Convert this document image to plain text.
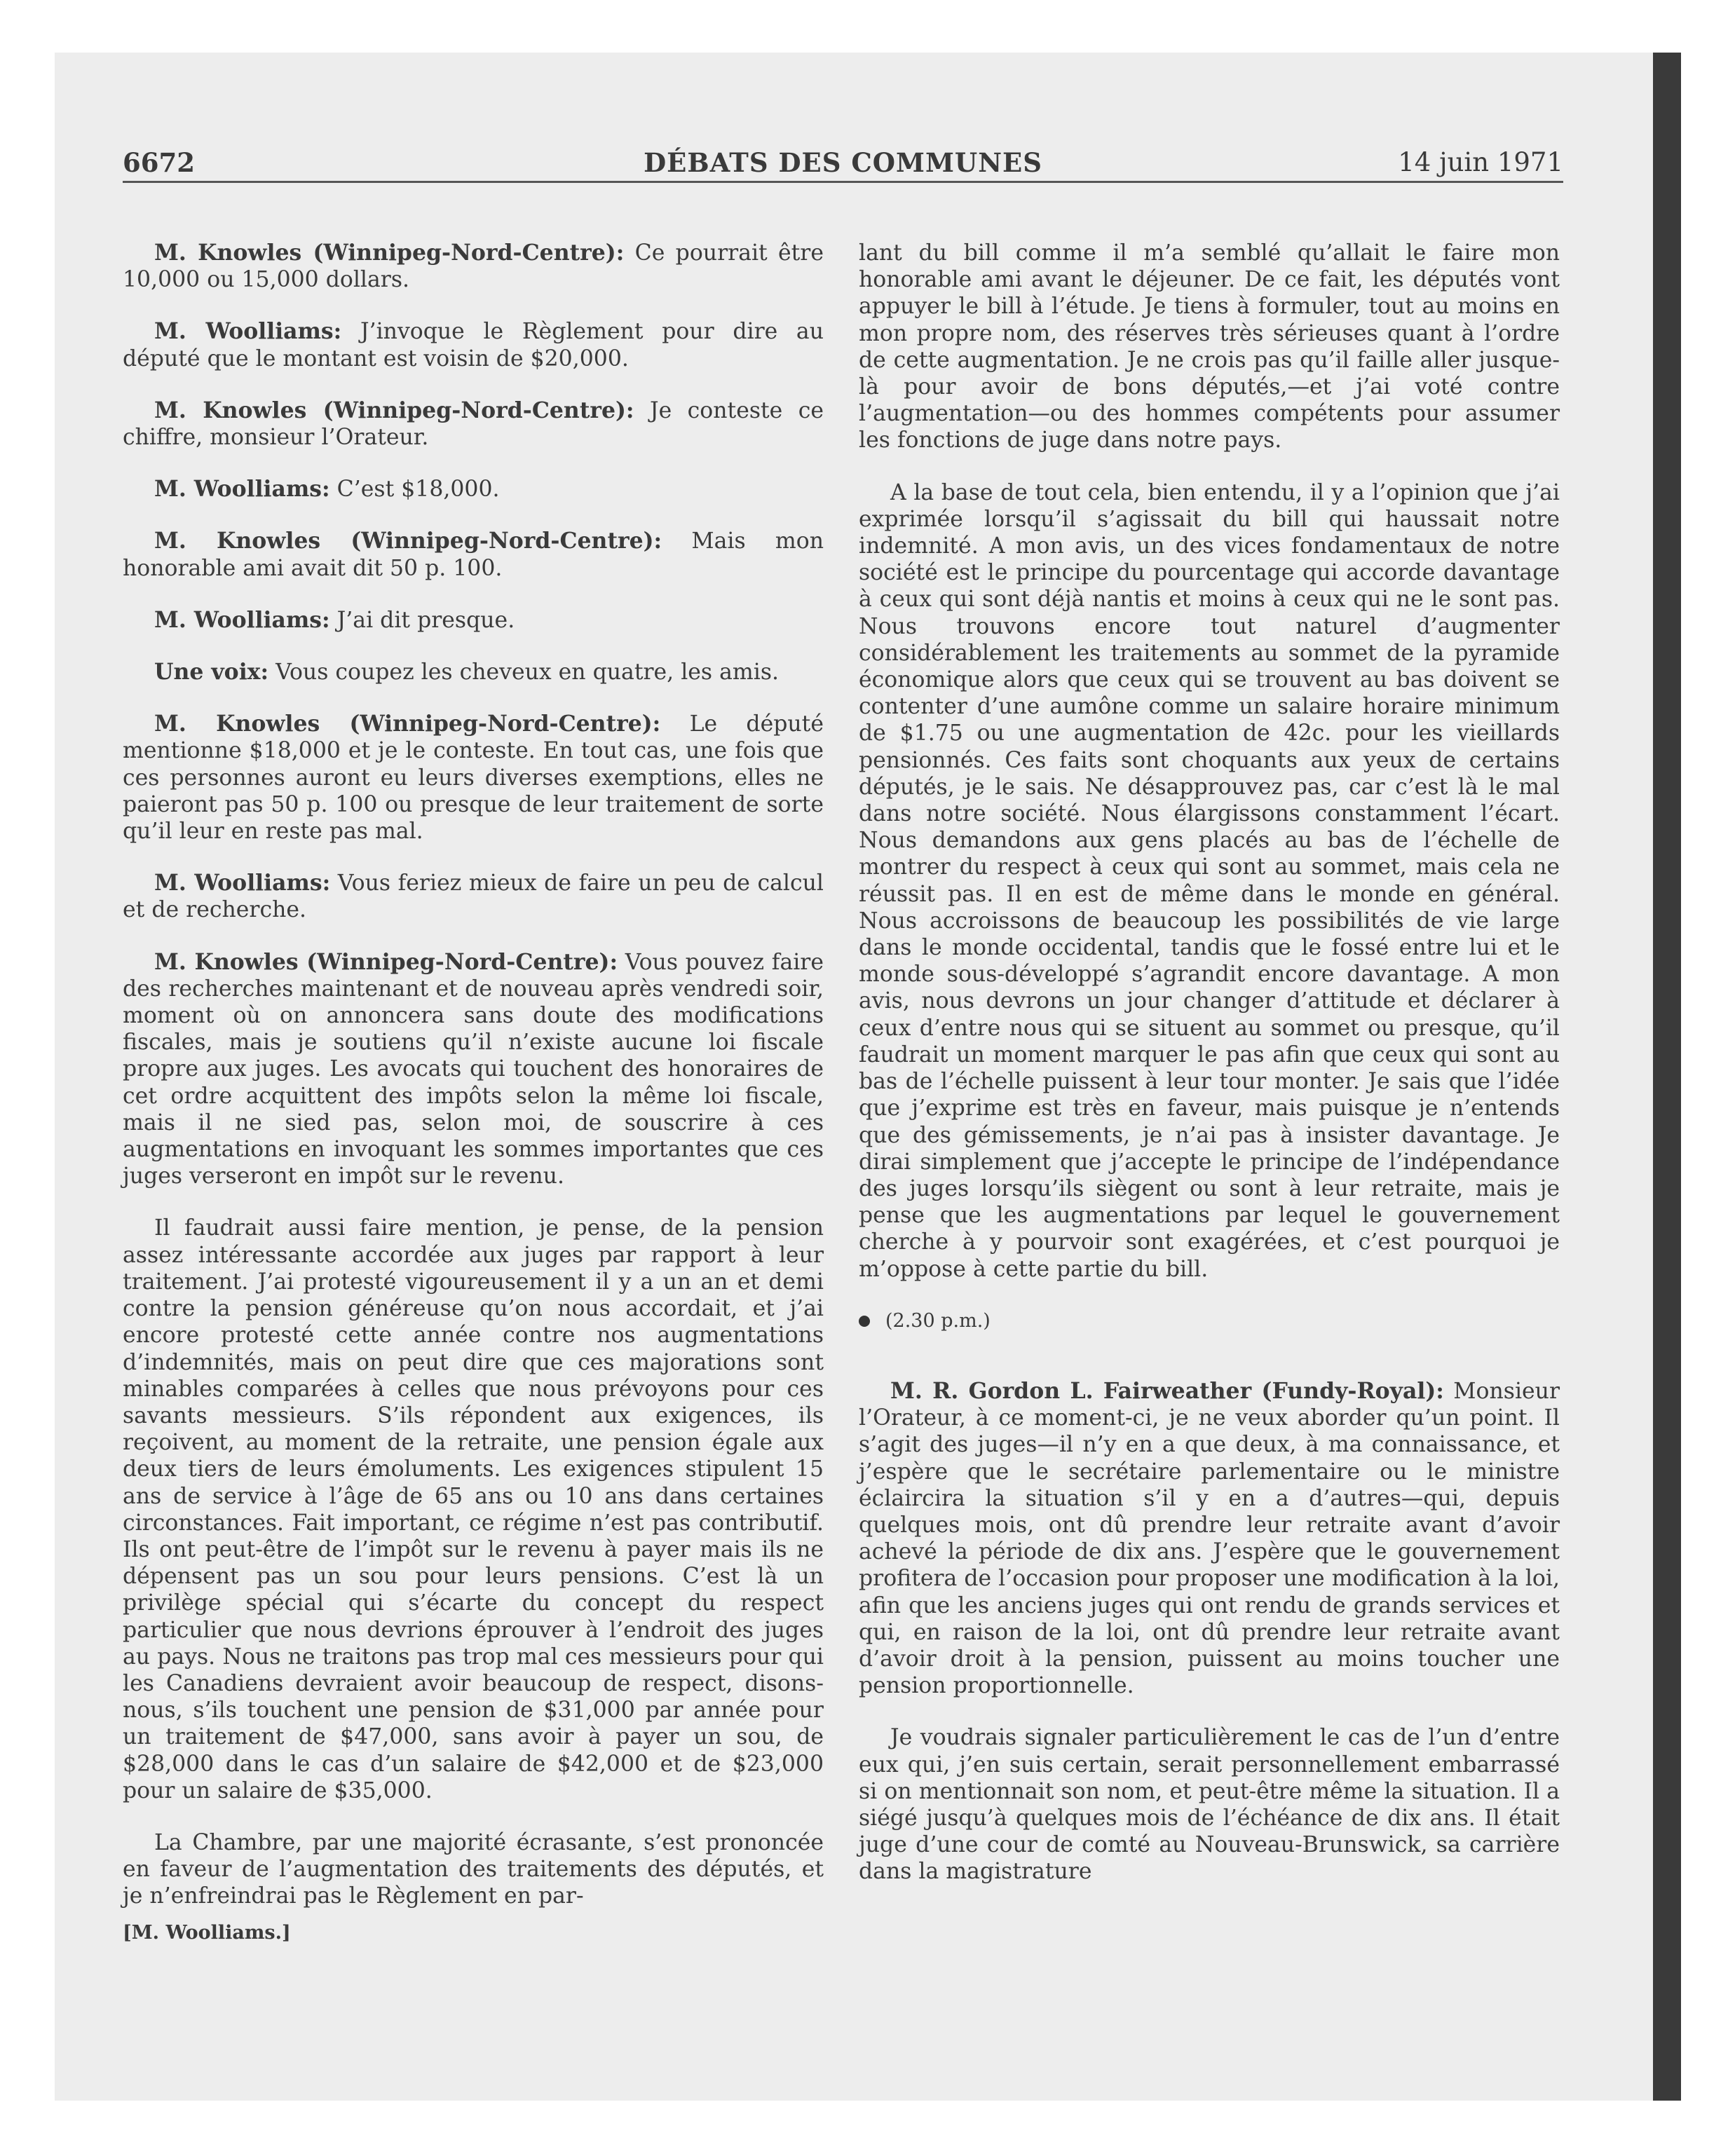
6672	DÉBATS DES COMMUNES	14 juin 1971

M. Knowles (Winnipeg-Nord-Centre): Ce pourrait être 10,000 ou 15,000 dollars.

M. Woolliams: J’invoque le Règlement pour dire au député que le montant est voisin de $20,000.

M. Knowles (Winnipeg-Nord-Centre): Je conteste ce chiffre, monsieur l’Orateur.

M. Woolliams: C’est $18,000.

M. Knowles (Winnipeg-Nord-Centre): Mais mon honorable ami avait dit 50 p. 100.

M. Woolliams: J’ai dit presque.

Une voix: Vous coupez les cheveux en quatre, les amis.

M. Knowles (Winnipeg-Nord-Centre): Le député mentionne $18,000 et je le conteste. En tout cas, une fois que ces personnes auront eu leurs diverses exemptions, elles ne paieront pas 50 p. 100 ou presque de leur traitement de sorte qu’il leur en reste pas mal.

M. Woolliams: Vous feriez mieux de faire un peu de calcul et de recherche.

M. Knowles (Winnipeg-Nord-Centre): Vous pouvez faire des recherches maintenant et de nouveau après vendredi soir, moment où on annoncera sans doute des modifications fiscales, mais je soutiens qu’il n’existe aucune loi fiscale propre aux juges. Les avocats qui touchent des honoraires de cet ordre acquittent des impôts selon la même loi fiscale, mais il ne sied pas, selon moi, de souscrire à ces augmentations en invoquant les sommes importantes que ces juges verseront en impôt sur le revenu.

Il faudrait aussi faire mention, je pense, de la pension assez intéressante accordée aux juges par rapport à leur traitement. J’ai protesté vigoureusement il y a un an et demi contre la pension généreuse qu’on nous accordait, et j’ai encore protesté cette année contre nos augmentations d’indemnités, mais on peut dire que ces majorations sont minables comparées à celles que nous prévoyons pour ces savants messieurs. S’ils répondent aux exigences, ils reçoivent, au moment de la retraite, une pension égale aux deux tiers de leurs émoluments. Les exigences stipulent 15 ans de service à l’âge de 65 ans ou 10 ans dans certaines circonstances. Fait important, ce régime n’est pas contributif. Ils ont peut-être de l’impôt sur le revenu à payer mais ils ne dépensent pas un sou pour leurs pensions. C’est là un privilège spécial qui s’écarte du concept du respect particulier que nous devrions éprouver à l’endroit des juges au pays. Nous ne traitons pas trop mal ces messieurs pour qui les Canadiens devraient avoir beaucoup de respect, disons-nous, s’ils touchent une pension de $31,000 par année pour un traitement de $47,000, sans avoir à payer un sou, de $28,000 dans le cas d’un salaire de $42,000 et de $23,000 pour un salaire de $35,000.

La Chambre, par une majorité écrasante, s’est prononcée en faveur de l’augmentation des traitements des députés, et je n’enfreindrai pas le Règlement en par-

[M. Woolliams.]

lant du bill comme il m’a semblé qu’allait le faire mon honorable ami avant le déjeuner. De ce fait, les députés vont appuyer le bill à l’étude. Je tiens à formuler, tout au moins en mon propre nom, des réserves très sérieuses quant à l’ordre de cette augmentation. Je ne crois pas qu’il faille aller jusque-là pour avoir de bons députés,—et j’ai voté contre l’augmentation—ou des hommes compétents pour assumer les fonctions de juge dans notre pays.

A la base de tout cela, bien entendu, il y a l’opinion que j’ai exprimée lorsqu’il s’agissait du bill qui haussait notre indemnité. A mon avis, un des vices fondamentaux de notre société est le principe du pourcentage qui accorde davantage à ceux qui sont déjà nantis et moins à ceux qui ne le sont pas. Nous trouvons encore tout naturel d’augmenter considérablement les traitements au sommet de la pyramide économique alors que ceux qui se trouvent au bas doivent se contenter d’une aumône comme un salaire horaire minimum de $1.75 ou une augmentation de 42c. pour les vieillards pensionnés. Ces faits sont choquants aux yeux de certains députés, je le sais. Ne désapprouvez pas, car c’est là le mal dans notre société. Nous élargissons constamment l’écart. Nous demandons aux gens placés au bas de l’échelle de montrer du respect à ceux qui sont au sommet, mais cela ne réussit pas. Il en est de même dans le monde en général. Nous accroissons de beaucoup les possibilités de vie large dans le monde occidental, tandis que le fossé entre lui et le monde sous-développé s’agrandit encore davantage. A mon avis, nous devrons un jour changer d’attitude et déclarer à ceux d’entre nous qui se situent au sommet ou presque, qu’il faudrait un moment marquer le pas afin que ceux qui sont au bas de l’échelle puissent à leur tour monter. Je sais que l’idée que j’exprime est très en faveur, mais puisque je n’entends que des gémissements, je n’ai pas à insister davantage. Je dirai simplement que j’accepte le principe de l’indépendance des juges lorsqu’ils siègent ou sont à leur retraite, mais je pense que les augmentations par lequel le gouvernement cherche à y pourvoir sont exagérées, et c’est pourquoi je m’oppose à cette partie du bill.

(2.30 p.m.)

M. R. Gordon L. Fairweather (Fundy-Royal): Monsieur l’Orateur, à ce moment-ci, je ne veux aborder qu’un point. Il s’agit des juges—il n’y en a que deux, à ma connaissance, et j’espère que le secrétaire parlementaire ou le ministre éclaircira la situation s’il y en a d’autres—qui, depuis quelques mois, ont dû prendre leur retraite avant d’avoir achevé la période de dix ans. J’espère que le gouvernement profitera de l’occasion pour proposer une modification à la loi, afin que les anciens juges qui ont rendu de grands services et qui, en raison de la loi, ont dû prendre leur retraite avant d’avoir droit à la pension, puissent au moins toucher une pension proportionnelle.

Je voudrais signaler particulièrement le cas de l’un d’entre eux qui, j’en suis certain, serait personnellement embarrassé si on mentionnait son nom, et peut-être même la situation. Il a siégé jusqu’à quelques mois de l’échéance de dix ans. Il était juge d’une cour de comté au Nouveau-Brunswick, sa carrière dans la magistrature
